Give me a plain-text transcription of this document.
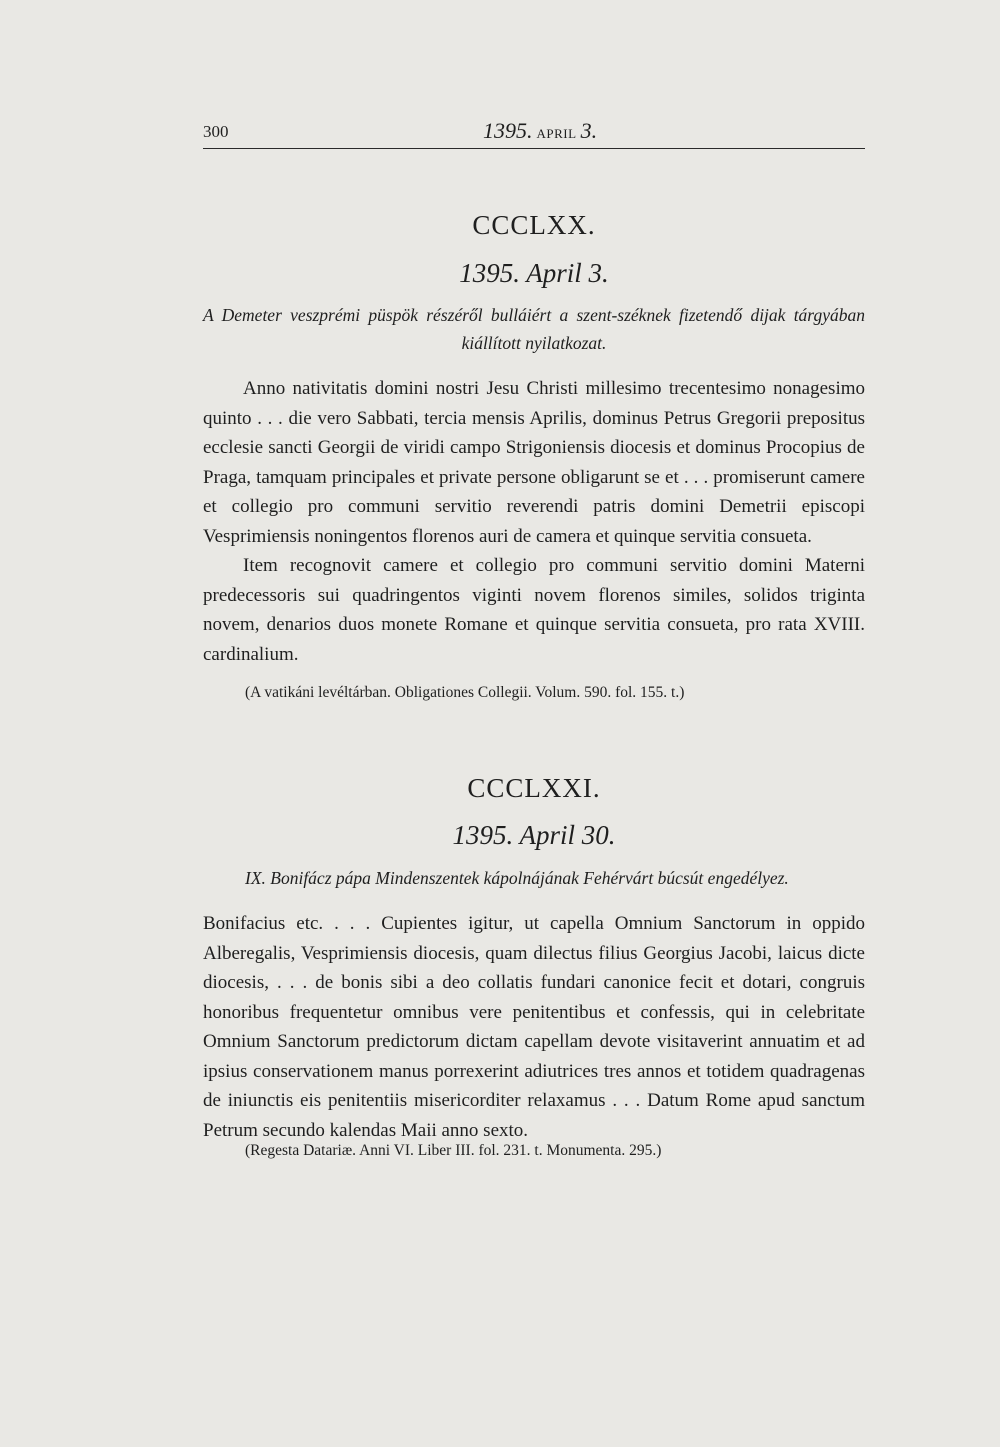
300	1395. APRIL 3.
CCCLXX.
1395. April 3.
A Demeter veszprémi püspök részéről bulláiért a szent-széknek fizetendő dijak tárgyában kiállított nyilatkozat.

Anno nativitatis domini nostri Jesu Christi millesimo trecentesimo nonagesimo quinto . . . die vero Sabbati, tercia mensis Aprilis, dominus Petrus Gregorii prepositus ecclesie sancti Georgii de viridi campo Strigoniensis diocesis et dominus Procopius de Praga, tamquam principales et private persone obligarunt se et . . . promiserunt camere et collegio pro communi servitio reverendi patris domini Demetrii episcopi Vesprimiensis noningentos florenos auri de camera et quinque servitia consueta.

Item recognovit camere et collegio pro communi servitio domini Materni predecessoris sui quadringentos viginti novem florenos similes, solidos triginta novem, denarios duos monete Romane et quinque servitia consueta, pro rata XVIII. cardinalium.

(A vatikáni levéltárban. Obligationes Collegii. Volum. 590. fol. 155. t.)
CCCLXXI.
1395. April 30.
IX. Bonifácz pápa Mindenszentek kápolnájának Fehérvárt búcsút engedélyez.

Bonifacius etc. . . . Cupientes igitur, ut capella Omnium Sanctorum in oppido Alberegalis, Vesprimiensis diocesis, quam dilectus filius Georgius Jacobi, laicus dicte diocesis, . . . de bonis sibi a deo collatis fundari canonice fecit et dotari, congruis honoribus frequentetur omnibus vere penitentibus et confessis, qui in celebritate Omnium Sanctorum predictorum dictam capellam devote visitaverint annuatim et ad ipsius conservationem manus porrexerint adiutrices tres annos et totidem quadragenas de iniunctis eis penitentiis misericorditer relaxamus . . . Datum Rome apud sanctum Petrum secundo kalendas Maii anno sexto.

(Regesta Datariæ. Anni VI. Liber III. fol. 231. t. Monumenta. 295.)
